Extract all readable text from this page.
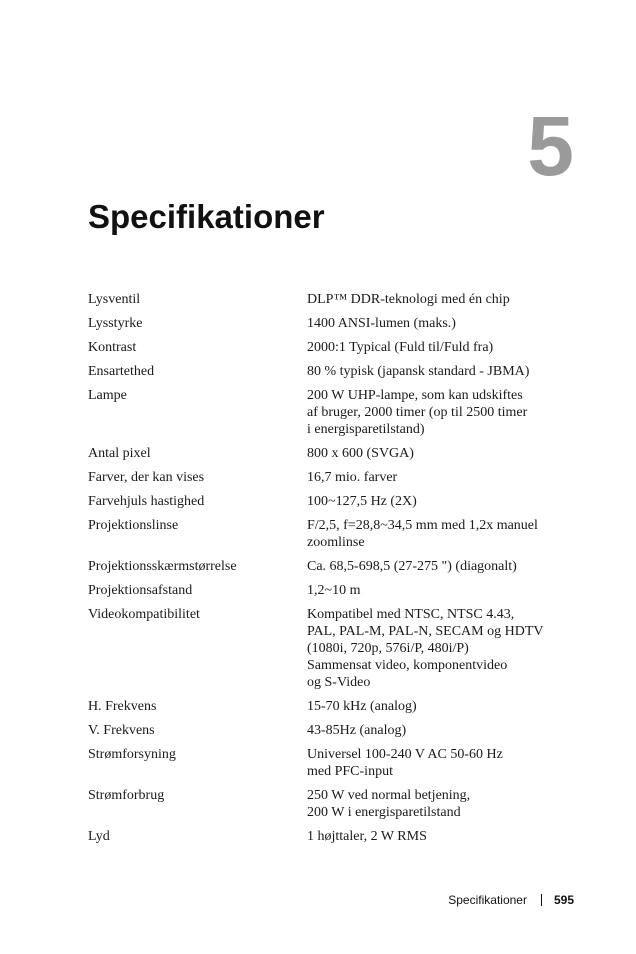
5
Specifikationer
Lysventil	DLP™ DDR-teknologi med én chip

Lysstyrke	1400 ANSI-lumen (maks.)

Kontrast	2000:1 Typical (Fuld til/Fuld fra)

Ensartethed	80 % typisk (japansk standard - JBMA)

Lampe	200 W UHP-lampe, som kan udskiftes
af bruger, 2000 timer (op til 2500 timer
i energisparetilstand)

Antal pixel	800 x 600 (SVGA)

Farver, der kan vises	16,7 mio. farver

Farvehjuls hastighed	100~127,5 Hz (2X)

Projektionslinse	F/2,5, f=28,8~34,5 mm med 1,2x manuel
zoomlinse

Projektionsskærmstørrelse	Ca. 68,5-698,5 (27-275 ") (diagonalt)

Projektionsafstand	1,2~10 m

Videokompatibilitet	Kompatibel med NTSC, NTSC 4.43,
PAL, PAL-M, PAL-N, SECAM og HDTV
(1080i, 720p, 576i/P, 480i/P)
Sammensat video, komponentvideo
og S-Video

H. Frekvens	15-70 kHz (analog)

V. Frekvens	43-85Hz (analog)

Strømforsyning	Universel 100-240 V AC 50-60 Hz
med PFC-input

Strømforbrug	250 W ved normal betjening,
200 W i energisparetilstand

Lyd	1 højttaler, 2 W RMS
Specifikationer 595
